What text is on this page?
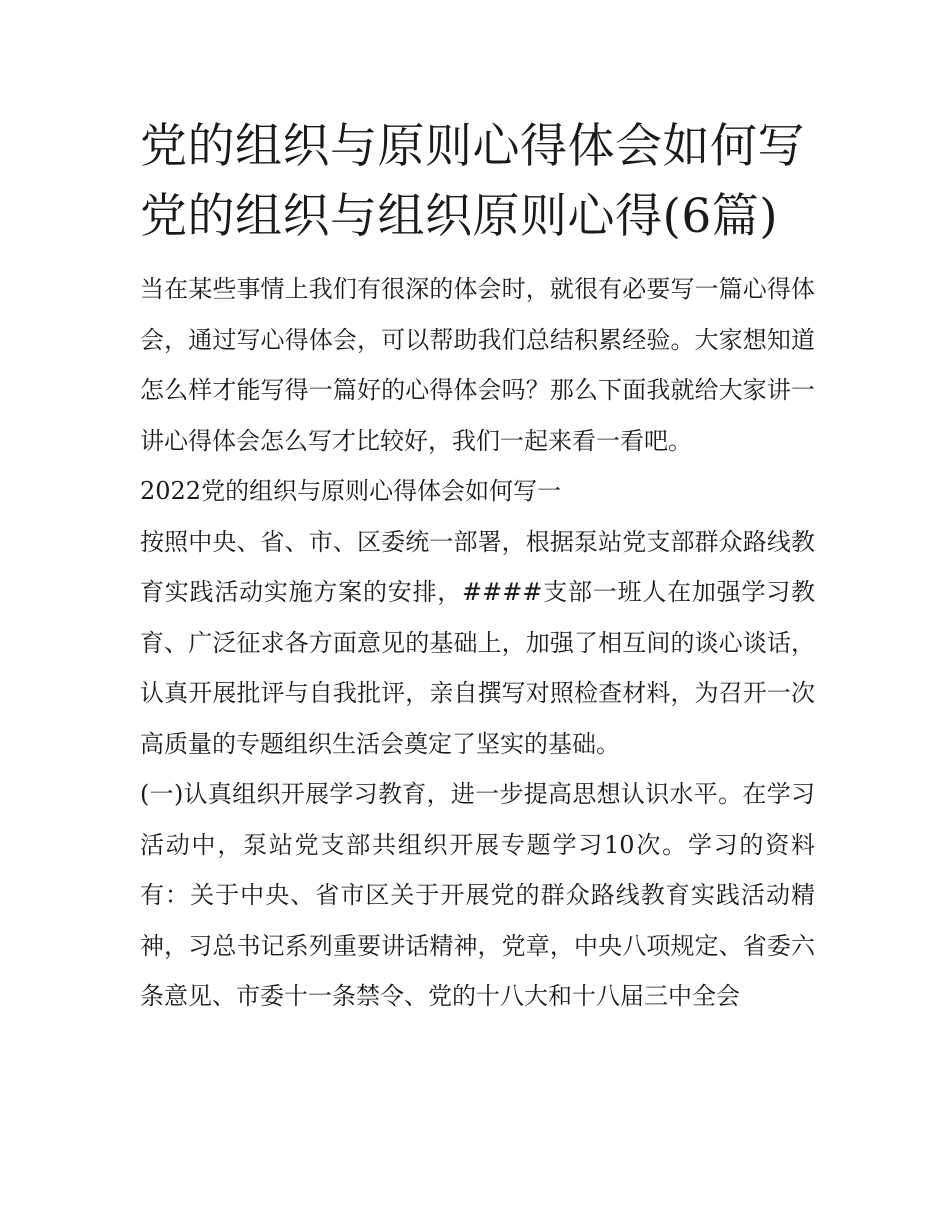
党的组织与原则心得体会如何写 党的组织与组织原则心得(6篇)

当在某些事情上我们有很深的体会时，就很有必要写一篇心得体会，通过写心得体会，可以帮助我们总结积累经验。大家想知道怎么样才能写得一篇好的心得体会吗？那么下面我就给大家讲一讲心得体会怎么写才比较好，我们一起来看一看吧。

2022党的组织与原则心得体会如何写一

按照中央、省、市、区委统一部署，根据泵站党支部群众路线教育实践活动实施方案的安排，####支部一班人在加强学习教育、广泛征求各方面意见的基础上，加强了相互间的谈心谈话，认真开展批评与自我批评，亲自撰写对照检查材料，为召开一次高质量的专题组织生活会奠定了坚实的基础。

(一)认真组织开展学习教育，进一步提高思想认识水平。在学习活动中，泵站党支部共组织开展专题学习10次。学习的资料有：关于中央、省市区关于开展党的群众路线教育实践活动精神，习总书记系列重要讲话精神，党章，中央八项规定、省委六条意见、市委十一条禁令、党的十八大和十八届三中全会
